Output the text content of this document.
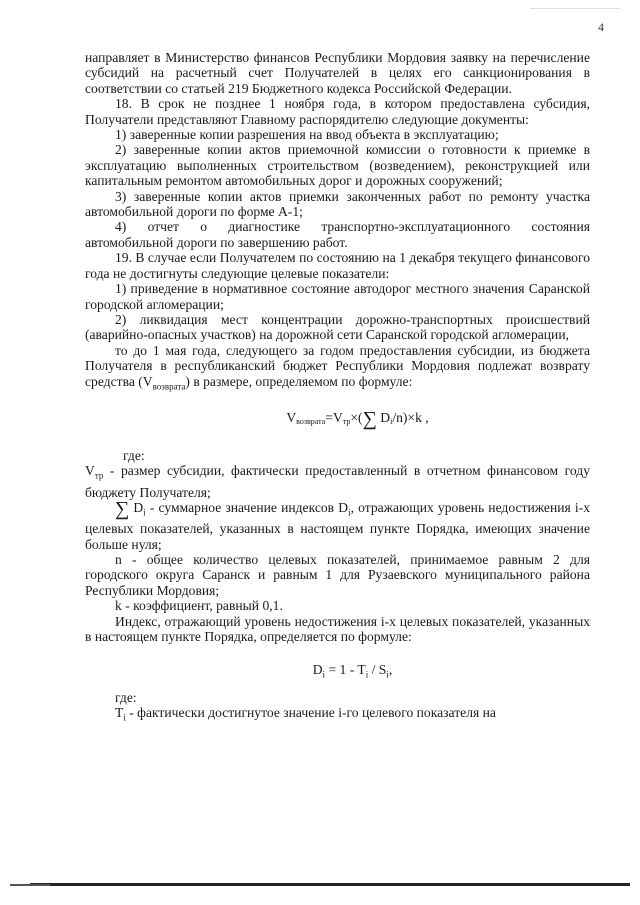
4

направляет в Министерство финансов Республики Мордовия заявку на перечисление субсидий на расчетный счет Получателей в целях его санкционирования в соответствии со статьей 219 Бюджетного кодекса Российской Федерации.

18. В срок не позднее 1 ноября года, в котором предоставлена субсидия, Получатели представляют Главному распорядителю следующие документы:

1) заверенные копии разрешения на ввод объекта в эксплуатацию;

2) заверенные копии актов приемочной комиссии о готовности к приемке в эксплуатацию выполненных строительством (возведением), реконструкцией или капитальным ремонтом автомобильных дорог и дорожных сооружений;

3) заверенные копии актов приемки законченных работ по ремонту участка автомобильной дороги по форме А-1;

4) отчет о диагностике транспортно-эксплуатационного состояния автомобильной дороги по завершению работ.

19. В случае если Получателем по состоянию на 1 декабря текущего финансового года не достигнуты следующие целевые показатели:

1) приведение в нормативное состояние автодорог местного значения Саранской городской агломерации;

2) ликвидация мест концентрации дорожно-транспортных происшествий (аварийно-опасных участков) на дорожной сети Саранской городской агломерации,

то до 1 мая года, следующего за годом предоставления субсидии, из бюджета Получателя в республиканский бюджет Республики Мордовия подлежат возврату средства $(V_{возврата})$ в размере, определяемом по формуле:

$V_{возврата}=V_{тр}\times(\sum$ $D_i/n)\times k$ ,

где:

$V_{тр}$ - размер субсидии, фактически предоставленный в отчетном финансовом году бюджету Получателя;

∑ $D_i$ - суммарное значение индексов $D_i$, отражающих уровень недостижения i-х целевых показателей, указанных в настоящем пункте Порядка, имеющих значение больше нуля;

n - общее количество целевых показателей, принимаемое равным 2 для городского округа Саранск и равным 1 для Рузаевского муниципального района Республики Мордовия;

k - коэффициент, равный 0,1.

Индекс, отражающий уровень недостижения i-х целевых показателей, указанных в настоящем пункте Порядка, определяется по формуле:

$D_i = 1 - T_i / S_i$,

где:

$T_i$ - фактически достигнутое значение i-го целевого показателя на
